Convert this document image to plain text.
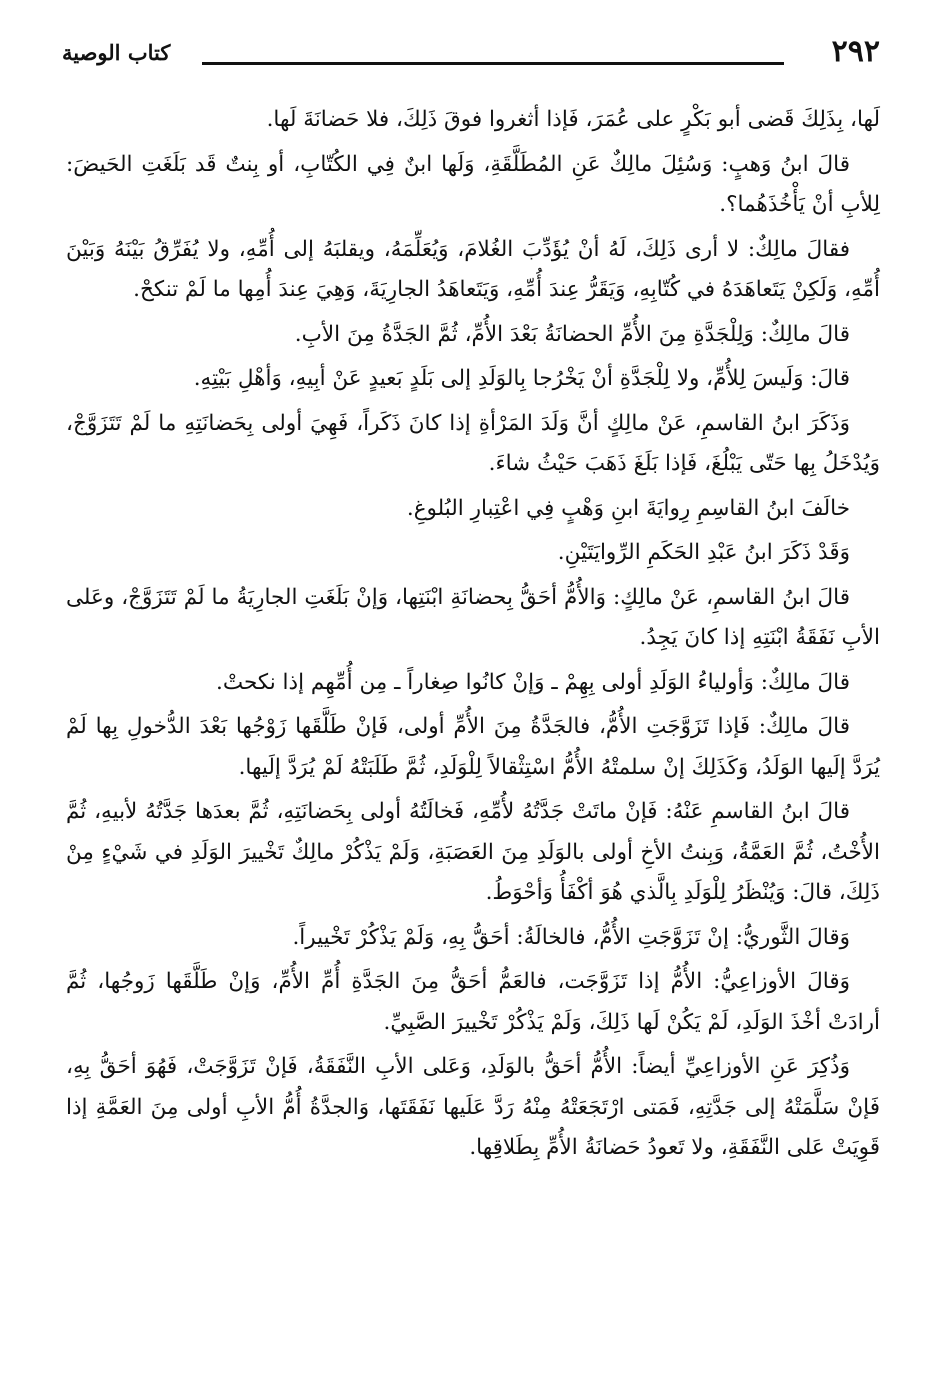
٢٩٢
كتاب الوصية

لَها، بِذَلِكَ قَضى أبو بَكْرٍ على عُمَرَ، فَإذا أثغروا فوقَ ذَلِكَ، فلا حَضانَةَ لَها.

قالَ ابنُ وَهبٍ: وَسُئِلَ مالِكٌ عَنِ المُطَلَّقَةِ، وَلَها ابنٌ فِي الكُتّابِ، أو بِنتٌ قَد بَلَغَتِ الحَيضَ: لِلأبِ أنْ يَأْخُذَهُما؟.

فقالَ مالِكٌ: لا أرى ذَلِكَ، لَهُ أنْ يُؤَدِّبَ الغُلامَ، وَيُعَلِّمَهُ، ويقلبَهُ إلى أُمِّهِ، ولا يُفَرِّقُ بَيْنَهُ وَبَيْنَ أُمِّهِ، وَلَكِنْ يَتَعاهَدَهُ في كُتّابِهِ، وَيَقَرُّ عِندَ أُمِّهِ، وَيَتَعاهَدُ الجارِيَةَ، وَهِيَ عِندَ أُمِها ما لَمْ تنكحْ.

قالَ مالِكٌ: وَلِلْجَدَّةِ مِنَ الأُمِّ الحضانَةُ بَعْدَ الأُمِّ، ثُمَّ الجَدَّةُ مِنَ الأبِ.

قالَ: وَلَيسَ لِلأُمِّ، ولا لِلْجَدَّةِ أنْ يَخْرُجا بِالوَلَدِ إلى بَلَدٍ بَعيدٍ عَنْ أبِيهِ، وَأهْلِ بَيْتِهِ.

وَذَكَرَ ابنُ القاسمِ، عَنْ مالِكٍ أنَّ وَلَدَ المَرْأةِ إذا كانَ ذَكَراً، فَهِيَ أولى بِحَضانَتِهِ ما لَمْ تَتَزَوَّجْ، وَيُدْخَلُ بِها حَتّى يَبْلُغَ، فَإذا بَلَغَ ذَهَبَ حَيْثُ شاءَ.

خالَفَ ابنُ القاسِمِ رِوايَةَ ابنِ وَهْبٍ فِي اعْتِبارِ البُلوغِ.

وَقَدْ ذَكَرَ ابنُ عَبْدِ الحَكَمِ الرِّوايَتَيْنِ.

قالَ ابنُ القاسمِ، عَنْ مالِكٍ: وَالأُمُّ أحَقُّ بِحضانَةِ ابْنَتِها، وَإنْ بَلَغَتِ الجارِيَةُ ما لَمْ تَتَزَوَّجْ، وعَلى الأبِ نَفَقَةُ ابْنَتِهِ إذا كانَ يَجِدُ.

قالَ مالِكٌ: وَأولياءُ الوَلَدِ أولى بِهِمْ ـ وَإنْ كانُوا صِغاراً ـ مِن أُمِّهِم إذا نكحتْ.

قالَ مالِكٌ: فَإذا تَزَوَّجَتِ الأُمُّ، فالجَدَّةُ مِنَ الأُمِّ أولى، فَإنْ طَلَّقَها زَوْجُها بَعْدَ الدُّخولِ بِها لَمْ يُرَدَّ إلَيها الوَلَدُ، وَكَذَلِكَ إنْ سلمتْهُ الأُمُّ اسْتِثْقالاً لِلْوَلَدِ، ثُمَّ طَلَبَتْهُ لَمْ يُرَدَّ إلَيها.

قالَ ابنُ القاسمِ عَنْهُ: فَإنْ ماتَتْ جَدَّتُهُ لأُمِّهِ، فَخالَتُهُ أولى بِحَضانَتِهِ، ثُمَّ بعدَها جَدَّتُهُ لأبيهِ، ثُمَّ الأُخْتُ، ثُمَّ العَمَّةُ، وَبِنتُ الأخِ أولى بالوَلَدِ مِنَ العَصَبَةِ، وَلَمْ يَذْكُرْ مالِكٌ تَخْييرَ الوَلَدِ في شَيْءٍ مِنْ ذَلِكَ، قالَ: وَيُنْظَرُ لِلْوَلَدِ بِالَّذي هُوَ أكْفَأُ وَأحْوَطُ.

وَقالَ الثَّوريُّ: إنْ تَزَوَّجَتِ الأُمُّ، فالخالَةُ: أحَقُّ بِهِ، وَلَمْ يَذْكُرْ تَخْييراً.

وَقالَ الأوزاعِيُّ: الأُمُّ إذا تَزَوَّجَت، فالعَمُّ أحَقُّ مِنَ الجَدَّةِ أُمِّ الأُمِّ، وَإنْ طَلَّقَها زَوجُها، ثُمَّ أرادَتْ أخْذَ الوَلَدِ، لَمْ يَكُنْ لَها ذَلِكَ، وَلَمْ يَذْكُرْ تَخْييرَ الصَّبِيِّ.

وَذُكِرَ عَنِ الأوزاعِيِّ أيضاً: الأُمُّ أحَقُّ بالوَلَدِ، وَعَلى الأبِ النَّفَقَةُ، فَإنْ تَزَوَّجَتْ، فَهُوَ أحَقُّ بِهِ، فَإنْ سَلَّمَتْهُ إلى جَدَّتِهِ، فَمَتى ارْتَجَعَتْهُ مِنْهُ رَدَّ عَلَيها نَفَقَتَها، وَالجدَّةُ أُمُّ الأبِ أولى مِنَ العَمَّةِ إذا قَوِيَتْ عَلى النَّفَقَةِ، ولا تَعودُ حَضانَةُ الأُمِّ بِطَلاقِها.
